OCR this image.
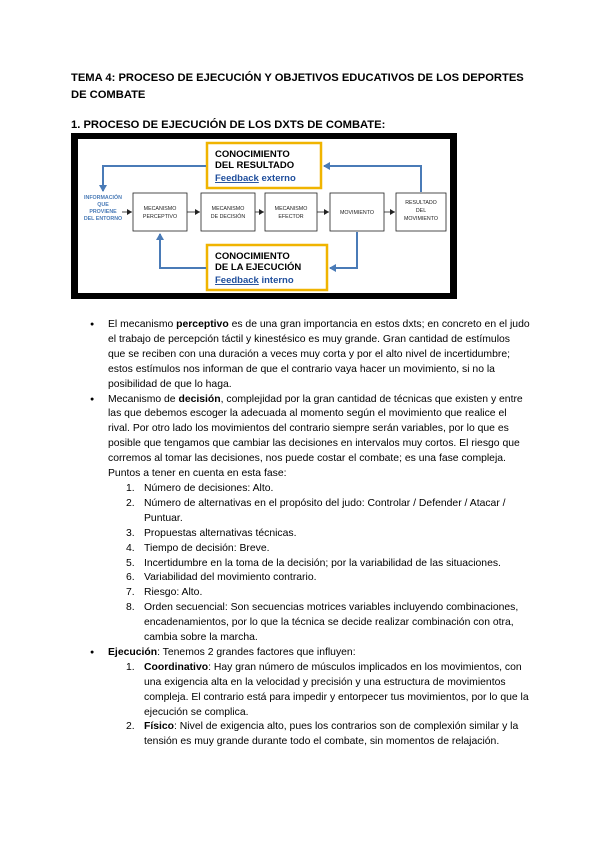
TEMA 4: PROCESO DE EJECUCIÓN Y OBJETIVOS EDUCATIVOS DE LOS DEPORTES DE COMBATE
1. PROCESO DE EJECUCIÓN DE LOS DXTS DE COMBATE:
CONOCIMIENTO
DEL RESULTADO
Feedback externo
CONOCIMIENTO
DE LA EJECUCIÓN
Feedback interno
INFORMACIÓN
QUE
PROVIENE
DEL ENTORNO
MECANISMO
PERCEPTIVO
MECANISMO
DE DECISIÓN
MECANISMO
EFECTOR
MOVIMIENTO
RESULTADO
DEL
MOVIMIENTO
● El mecanismo perceptivo es de una gran importancia en estos dxts; en concreto en el judo el trabajo de percepción táctil y kinestésico es muy grande. Gran cantidad de estímulos que se reciben con una duración a veces muy corta y por el alto nivel de incertidumbre; estos estímulos nos informan de que el contrario vaya hacer un movimiento, si no la posibilidad de que lo haga.
● Mecanismo de decisión, complejidad por la gran cantidad de técnicas que existen y entre las que debemos escoger la adecuada al momento según el movimiento que realice el rival. Por otro lado los movimientos del contrario siempre serán variables, por lo que es posible que tengamos que cambiar las decisiones en intervalos muy cortos. El riesgo que corremos al tomar las decisiones, nos puede costar el combate; es una fase compleja. Puntos a tener en cuenta en esta fase:
1. Número de decisiones: Alto.
2. Número de alternativas en el propósito del judo: Controlar / Defender / Atacar / Puntuar.
3. Propuestas alternativas técnicas.
4. Tiempo de decisión: Breve.
5. Incertidumbre en la toma de la decisión; por la variabilidad de las situaciones.
6. Variabilidad del movimiento contrario.
7. Riesgo: Alto.
8. Orden secuencial: Son secuencias motrices variables incluyendo combinaciones, encadenamientos, por lo que la técnica se decide realizar combinación con otra, cambia sobre la marcha.
● Ejecución: Tenemos 2 grandes factores que influyen:
1. Coordinativo: Hay gran número de músculos implicados en los movimientos, con una exigencia alta en la velocidad y precisión y una estructura de movimientos compleja. El contrario está para impedir y entorpecer tus movimientos, por lo que la ejecución se complica.
2. Físico: Nivel de exigencia alto, pues los contrarios son de complexión similar y la tensión es muy grande durante todo el combate, sin momentos de relajación.
